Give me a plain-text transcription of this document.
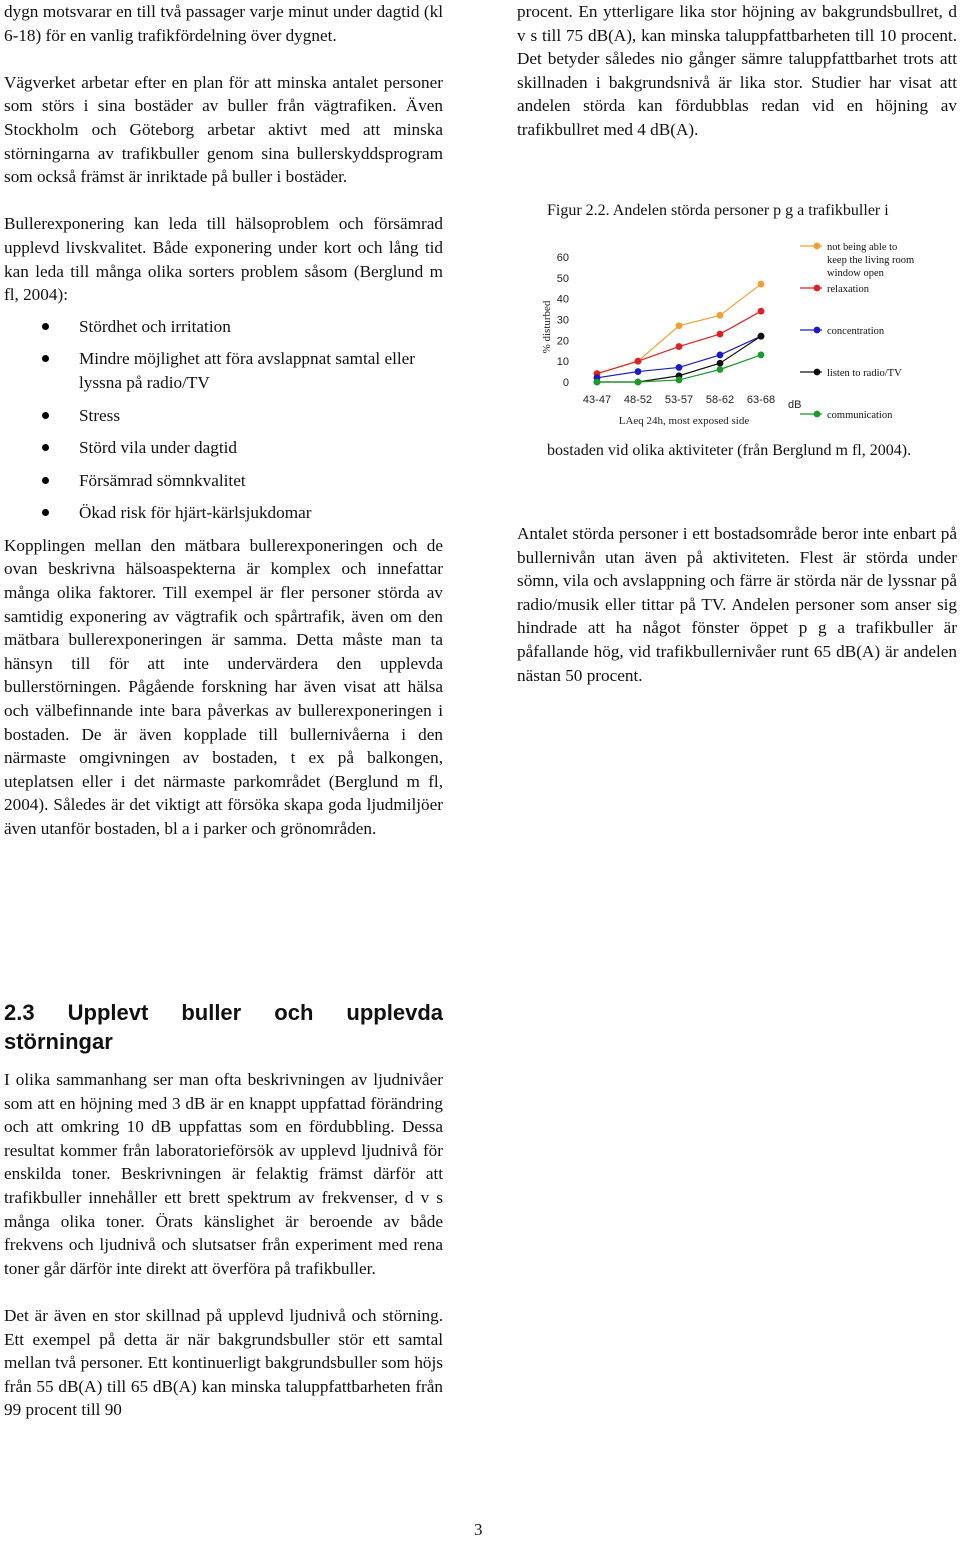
dygn motsvarar en till två passager varje minut under dagtid (kl 6-18) för en vanlig trafikfördelning över dygnet.

Vägverket arbetar efter en plan för att minska antalet personer som störs i sina bostäder av buller från vägtrafiken. Även Stockholm och Göteborg arbetar aktivt med att minska störningarna av trafikbuller genom sina bullerskyddsprogram som också främst är inriktade på buller i bostäder.

Bullerexponering kan leda till hälsoproblem och försämrad upplevd livskvalitet. Både exponering under kort och lång tid kan leda till många olika sorters problem såsom (Berglund m fl, 2004):

Stördhet och irritation
Mindre möjlighet att föra avslappnat samtal eller lyssna på radio/TV
Stress
Störd vila under dagtid
Försämrad sömnkvalitet
Ökad risk för hjärt-kärlsjukdomar

Kopplingen mellan den mätbara bullerexponeringen och de ovan beskrivna hälsoaspekterna är komplex och innefattar många olika faktorer. Till exempel är fler personer störda av samtidig exponering av vägtrafik och spårtrafik, även om den mätbara bullerexponeringen är samma. Detta måste man ta hänsyn till för att inte undervärdera den upplevda bullerstörningen. Pågående forskning har även visat att hälsa och välbefinnande inte bara påverkas av bullerexponeringen i bostaden. De är även kopplade till bullernivåerna i den närmaste omgivningen av bostaden, t ex på balkongen, uteplatsen eller i det närmaste parkområdet (Berglund m fl, 2004). Således är det viktigt att försöka skapa goda ljudmiljöer även utanför bostaden, bl a i parker och grönområden.

2.3 Upplevt buller och upplevda
störningar

I olika sammanhang ser man ofta beskrivningen av ljudnivåer som att en höjning med 3 dB är en knappt uppfattad förändring och att omkring 10 dB uppfattas som en fördubbling. Dessa resultat kommer från laboratorieförsök av upplevd ljudnivå för enskilda toner. Beskrivningen är felaktig främst därför att trafikbuller innehåller ett brett spektrum av frekvenser, d v s många olika toner. Örats känslighet är beroende av både frekvens och ljudnivå och slutsatser från experiment med rena toner går därför inte direkt att överföra på trafikbuller.

Det är även en stor skillnad på upplevd ljudnivå och störning. Ett exempel på detta är när bakgrundsbuller stör ett samtal mellan två personer. Ett kontinuerligt bakgrundsbuller som höjs från 55 dB(A) till 65 dB(A) kan minska taluppfattbarheten från 99 procent till 90

procent. En ytterligare lika stor höjning av bakgrundsbullret, d v s till 75 dB(A), kan minska taluppfattbarheten till 10 procent. Det betyder således nio gånger sämre taluppfattbarhet trots att skillnaden i bakgrundsnivå är lika stor. Studier har visat att andelen störda kan fördubblas redan vid en höjning av trafikbullret med 4 dB(A).

Figur 2.2. Andelen störda personer p g a trafikbuller i
% disturbed
60
50
40
30
20
10
0
43-47 48-52 53-57 58-62 63-68 dB
LAeq 24h, most exposed side
not being able to
keep the living room
window open
relaxation
concentration
listen to radio/TV
communication
bostaden vid olika aktiviteter (från Berglund m fl, 2004).
Antalet störda personer i ett bostadsområde beror inte enbart på bullernivån utan även på aktiviteten. Flest är störda under sömn, vila och avslappning och färre är störda när de lyssnar på radio/musik eller tittar på TV. Andelen personer som anser sig hindrade att ha något fönster öppet p g a trafikbuller är påfallande hög, vid trafikbullernivåer runt 65 dB(A) är andelen nästan 50 procent.
3
